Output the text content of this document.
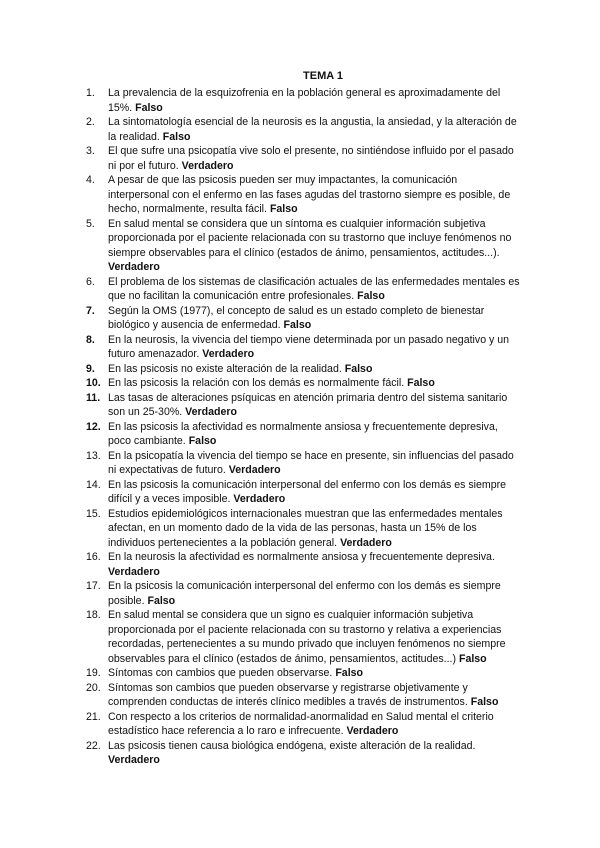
TEMA 1
1.	La prevalencia de la esquizofrenia en la población general es aproximadamente del 15%. Falso
2.	La sintomatología esencial de la neurosis es la angustia, la ansiedad, y la alteración de la realidad. Falso
3.	El que sufre una psicopatía vive solo el presente, no sintiéndose influido por el pasado ni por el futuro. Verdadero
4.	A pesar de que las psicosis pueden ser muy impactantes, la comunicación interpersonal con el enfermo en las fases agudas del trastorno siempre es posible, de hecho, normalmente, resulta fácil. Falso
5.	En salud mental se considera que un síntoma es cualquier información subjetiva proporcionada por el paciente relacionada con su trastorno que incluye fenómenos no siempre observables para el clínico (estados de ánimo, pensamientos, actitudes...). Verdadero
6.	El problema de los sistemas de clasificación actuales de las enfermedades mentales es que no facilitan la comunicación entre profesionales. Falso
7.	Según la OMS (1977), el concepto de salud es un estado completo de bienestar biológico y ausencia de enfermedad. Falso
8.	En la neurosis, la vivencia del tiempo viene determinada por un pasado negativo y un futuro amenazador. Verdadero
9.	En las psicosis no existe alteración de la realidad. Falso
10. En las psicosis la relación con los demás es normalmente fácil. Falso
11. Las tasas de alteraciones psíquicas en atención primaria dentro del sistema sanitario son un 25-30%. Verdadero
12. En las psicosis la afectividad es normalmente ansiosa y frecuentemente depresiva, poco cambiante. Falso
13. En la psicopatía la vivencia del tiempo se hace en presente, sin influencias del pasado ni expectativas de futuro. Verdadero
14. En las psicosis la comunicación interpersonal del enfermo con los demás es siempre difícil y a veces imposible. Verdadero
15. Estudios epidemiológicos internacionales muestran que las enfermedades mentales afectan, en un momento dado de la vida de las personas, hasta un 15% de los individuos pertenecientes a la población general. Verdadero
16. En la neurosis la afectividad es normalmente ansiosa y frecuentemente depresiva. Verdadero
17. En la psicosis la comunicación interpersonal del enfermo con los demás es siempre posible. Falso
18. En salud mental se considera que un signo es cualquier información subjetiva proporcionada por el paciente relacionada con su trastorno y relativa a experiencias recordadas, pertenecientes a su mundo privado que incluyen fenómenos no siempre observables para el clínico (estados de ánimo, pensamientos, actitudes...) Falso
19. Síntomas con cambios que pueden observarse. Falso
20. Síntomas son cambios que pueden observarse y registrarse objetivamente y comprenden conductas de interés clínico medibles a través de instrumentos. Falso
21. Con respecto a los criterios de normalidad-anormalidad en Salud mental el criterio estadístico hace referencia a lo raro e infrecuente. Verdadero
22. Las psicosis tienen causa biológica endógena, existe alteración de la realidad. Verdadero
